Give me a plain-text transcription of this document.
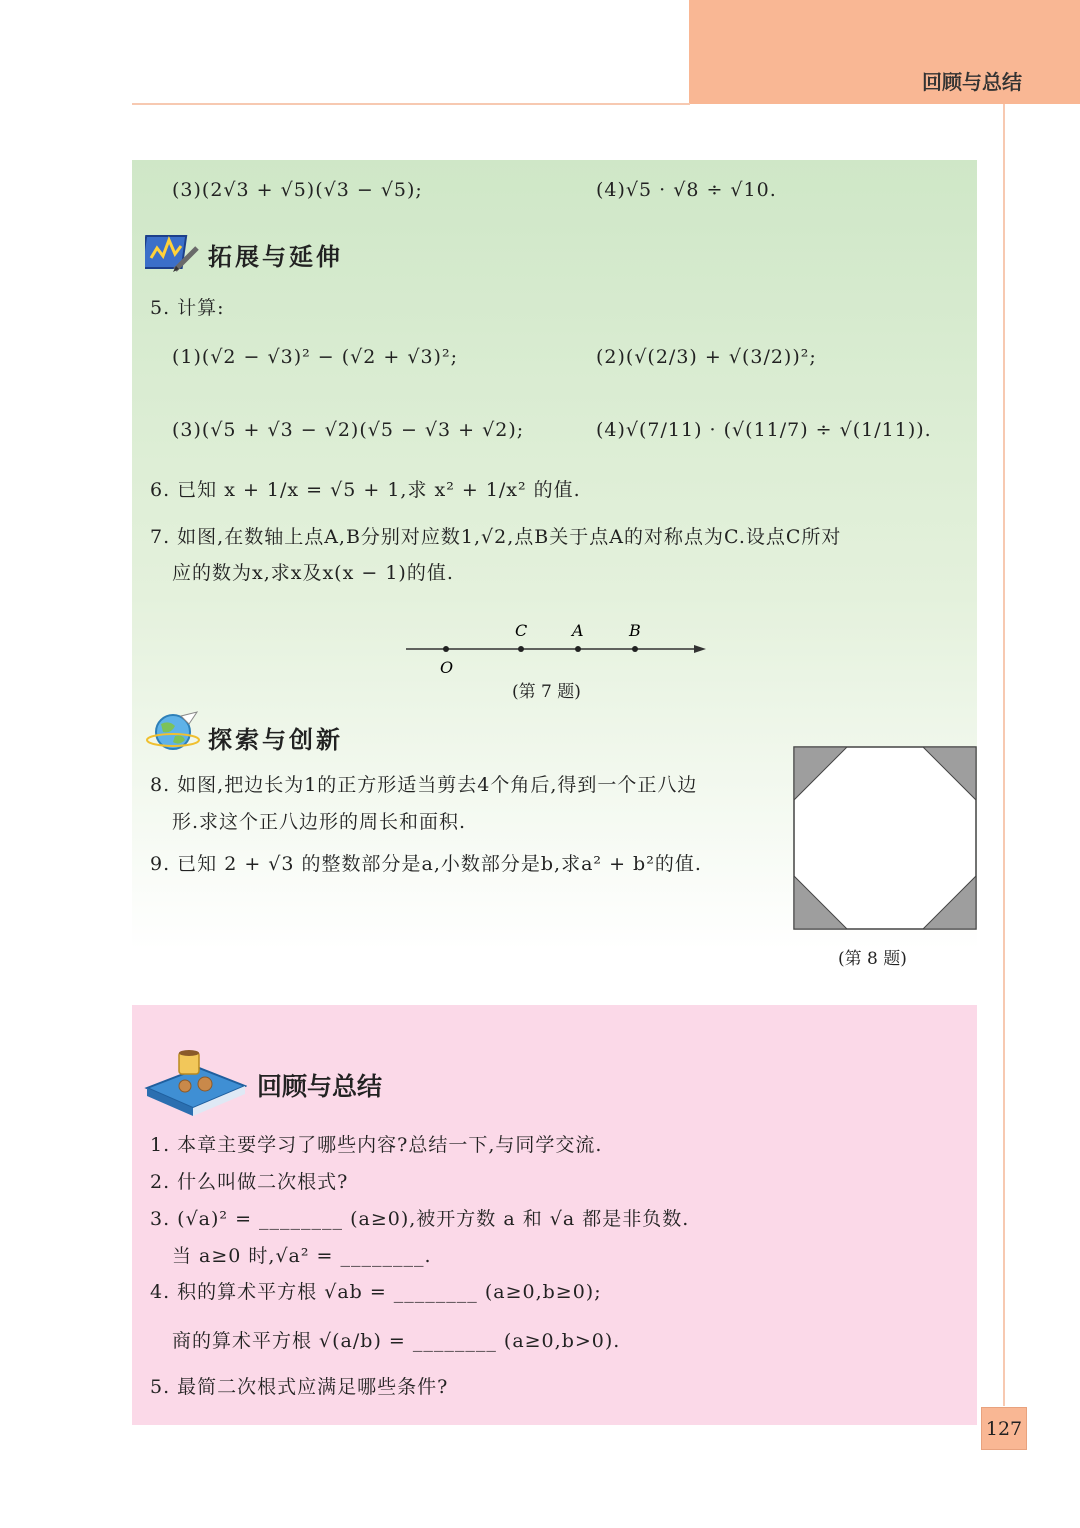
回顾与总结
(3)(2√3 + √5)(√3 − √5);	(4)√5 · √8 ÷ √10.
拓展与延伸
5. 计算:
(1)(√2 − √3)² − (√2 + √3)²;	(2)(√(2/3) + √(3/2))²;
(3)(√5 + √3 − √2)(√5 − √3 + √2);	(4)√(7/11) · (√(11/7) ÷ √(1/11)).
6. 已知 x + 1/x = √5 + 1,求 x² + 1/x² 的值.
7. 如图,在数轴上点A,B分别对应数1,√2,点B关于点A的对称点为C.设点C所对
应的数为x,求x及x(x − 1)的值.
O
C	A	B
(第 7 题)
探索与创新
8. 如图,把边长为1的正方形适当剪去4个角后,得到一个正八边
形.求这个正八边形的周长和面积.
9. 已知 2 + √3 的整数部分是a,小数部分是b,求a² + b²的值.
(第 8 题)
回顾与总结
1. 本章主要学习了哪些内容?总结一下,与同学交流.
2. 什么叫做二次根式?
3. (√a)² = ________ (a≥0),被开方数 a 和 √a 都是非负数.
当 a≥0 时,√a² = ________.
4. 积的算术平方根 √ab = ________ (a≥0,b≥0);
商的算术平方根 √(a/b) = ________ (a≥0,b>0).
5. 最简二次根式应满足哪些条件?
127
